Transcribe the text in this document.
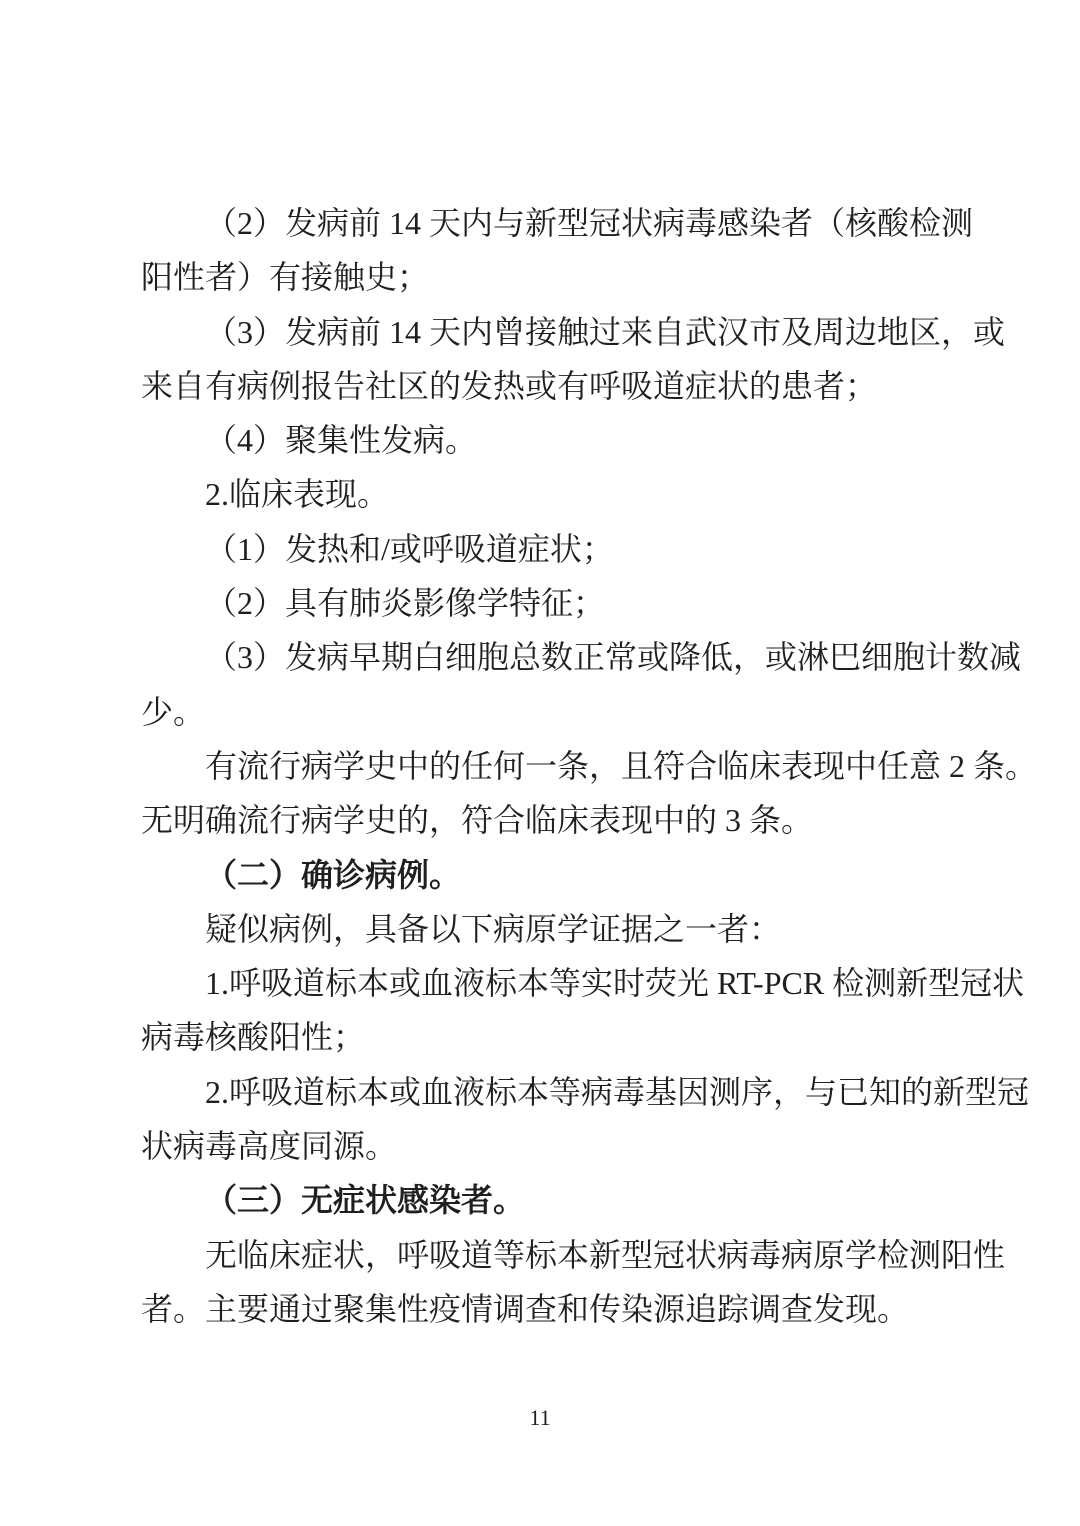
（2）发病前 14 天内与新型冠状病毒感染者（核酸检测
阳性者）有接触史；
（3）发病前 14 天内曾接触过来自武汉市及周边地区，或
来自有病例报告社区的发热或有呼吸道症状的患者；
（4）聚集性发病。
2.临床表现。
（1）发热和/或呼吸道症状；
（2）具有肺炎影像学特征；
（3）发病早期白细胞总数正常或降低，或淋巴细胞计数减
少。
有流行病学史中的任何一条，且符合临床表现中任意 2 条。
无明确流行病学史的，符合临床表现中的 3 条。
（二）确诊病例。
疑似病例，具备以下病原学证据之一者：
1.呼吸道标本或血液标本等实时荧光 RT-PCR 检测新型冠状
病毒核酸阳性；
2.呼吸道标本或血液标本等病毒基因测序，与已知的新型冠
状病毒高度同源。
（三）无症状感染者。
无临床症状，呼吸道等标本新型冠状病毒病原学检测阳性
者。主要通过聚集性疫情调查和传染源追踪调查发现。
11
